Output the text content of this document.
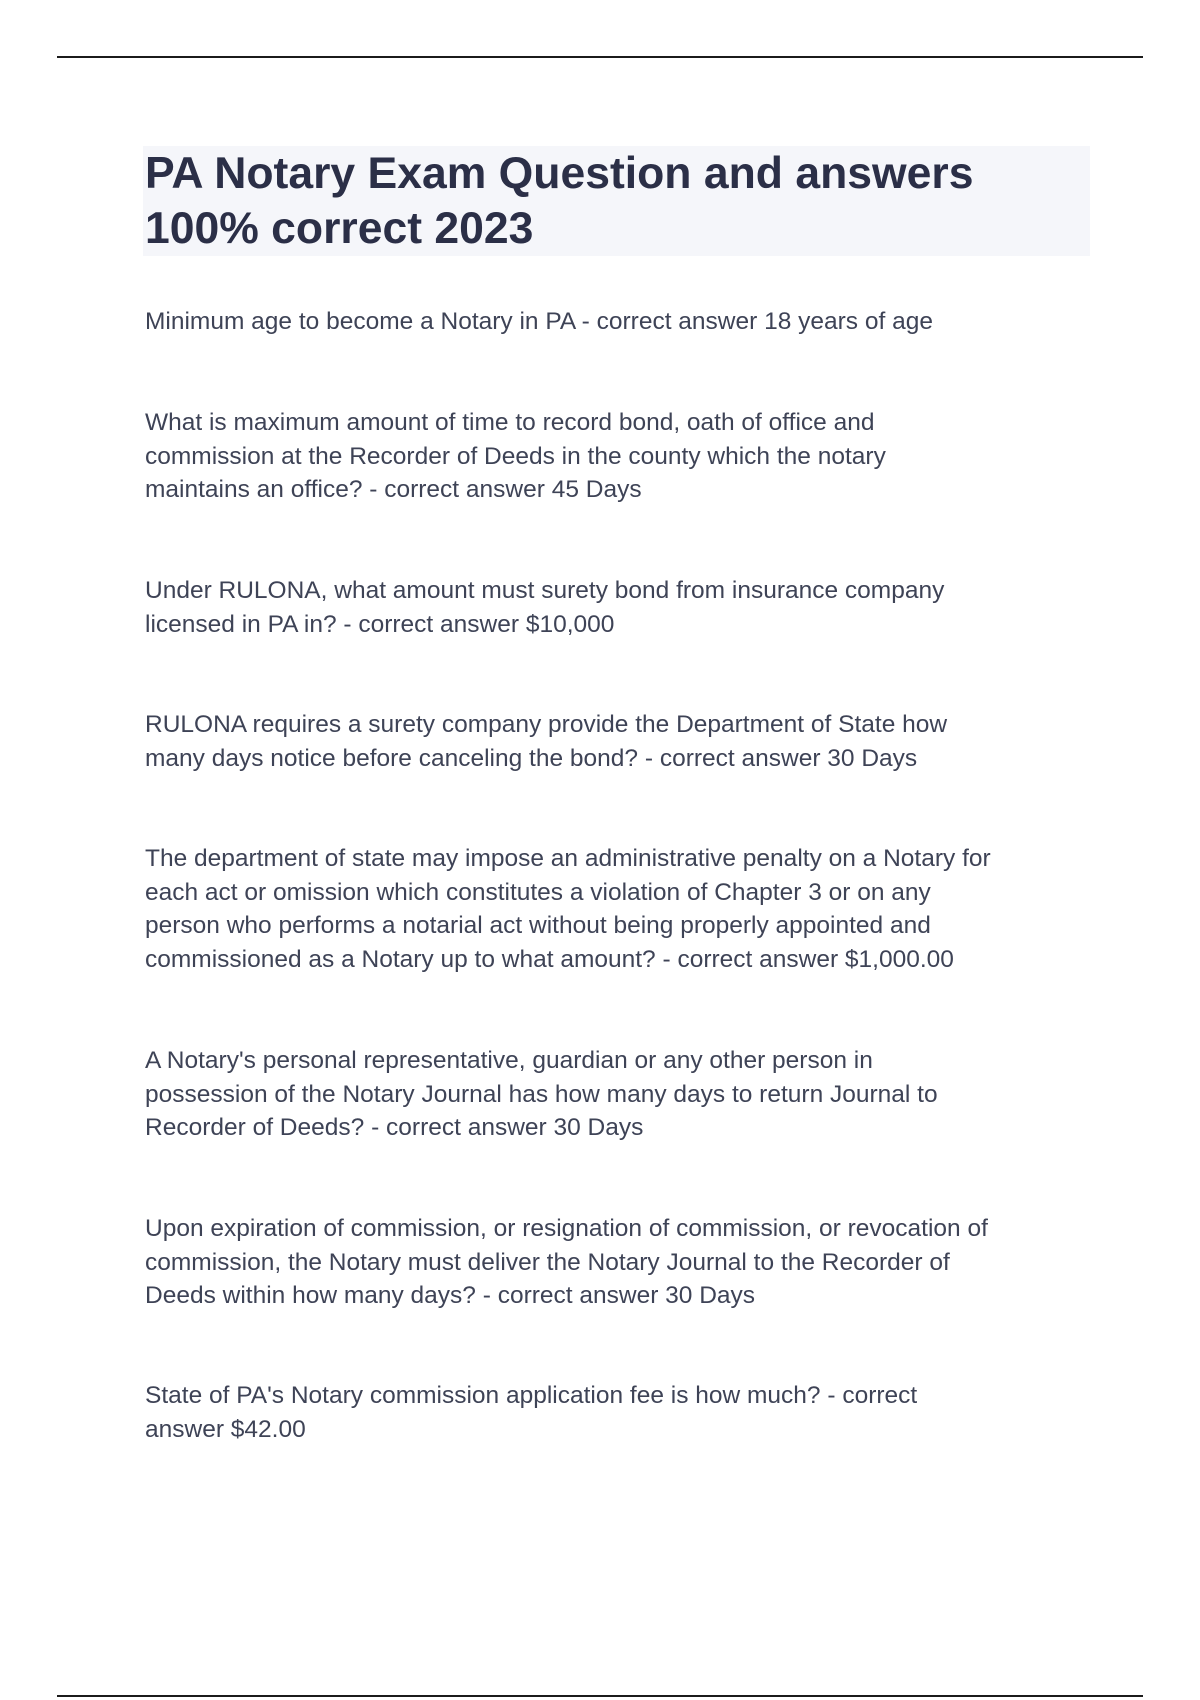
PA Notary Exam Question and answers
100% correct 2023

Minimum age to become a Notary in PA - correct answer 18 years of age

What is maximum amount of time to record bond, oath of office and
commission at the Recorder of Deeds in the county which the notary
maintains an office? - correct answer 45 Days

Under RULONA, what amount must surety bond from insurance company
licensed in PA in? - correct answer $10,000

RULONA requires a surety company provide the Department of State how
many days notice before canceling the bond? - correct answer 30 Days

The department of state may impose an administrative penalty on a Notary for
each act or omission which constitutes a violation of Chapter 3 or on any
person who performs a notarial act without being properly appointed and
commissioned as a Notary up to what amount? - correct answer $1,000.00

A Notary's personal representative, guardian or any other person in
possession of the Notary Journal has how many days to return Journal to
Recorder of Deeds? - correct answer 30 Days

Upon expiration of commission, or resignation of commission, or revocation of
commission, the Notary must deliver the Notary Journal to the Recorder of
Deeds within how many days? - correct answer 30 Days

State of PA's Notary commission application fee is how much? - correct
answer $42.00
